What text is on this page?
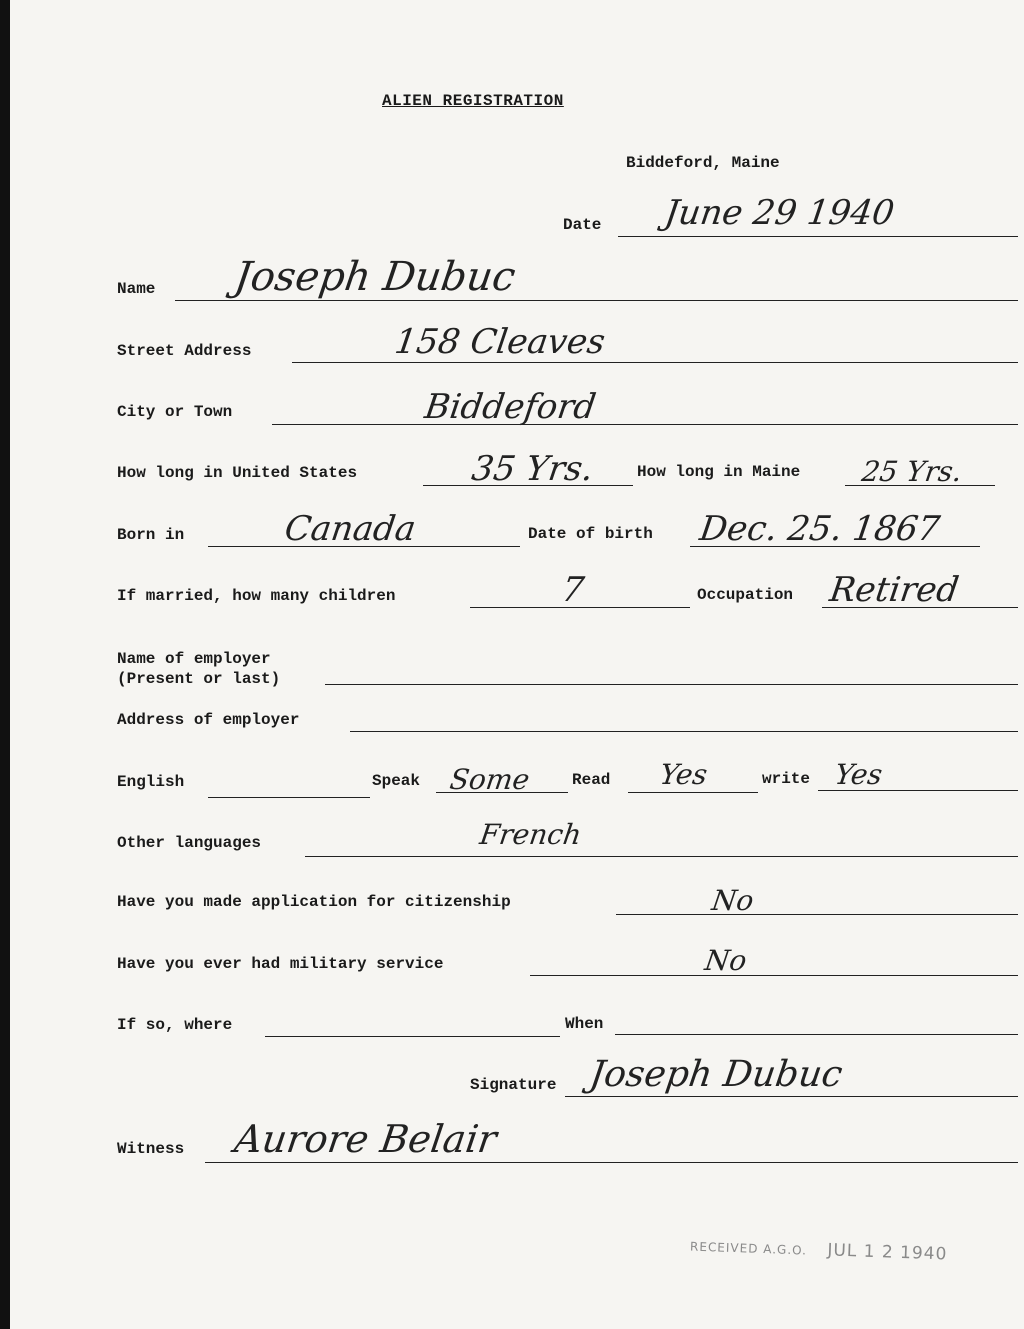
ALIEN REGISTRATION
Biddeford, Maine
Date June 29 1940
Name Joseph Dubuc
Street Address	158 Cleaves
City or Town	Biddeford
How long in United States	35 Yrs.	How long in Maine 25 Yrs.
Born in	Canada	Date of birth Dec. 25. 1867
If married, how many children	7	Occupation Retired
Name of employer
(Present or last)
Address of employer
English	Speak Some	Read Yes	write Yes
Other languages	French
Have you made application for citizenship	No
Have you ever had military service	No
If so, where	When
Signature Joseph Dubuc
Witness Aurore Belair
RECEIVED A.G.O. JUL 1 2 1940
